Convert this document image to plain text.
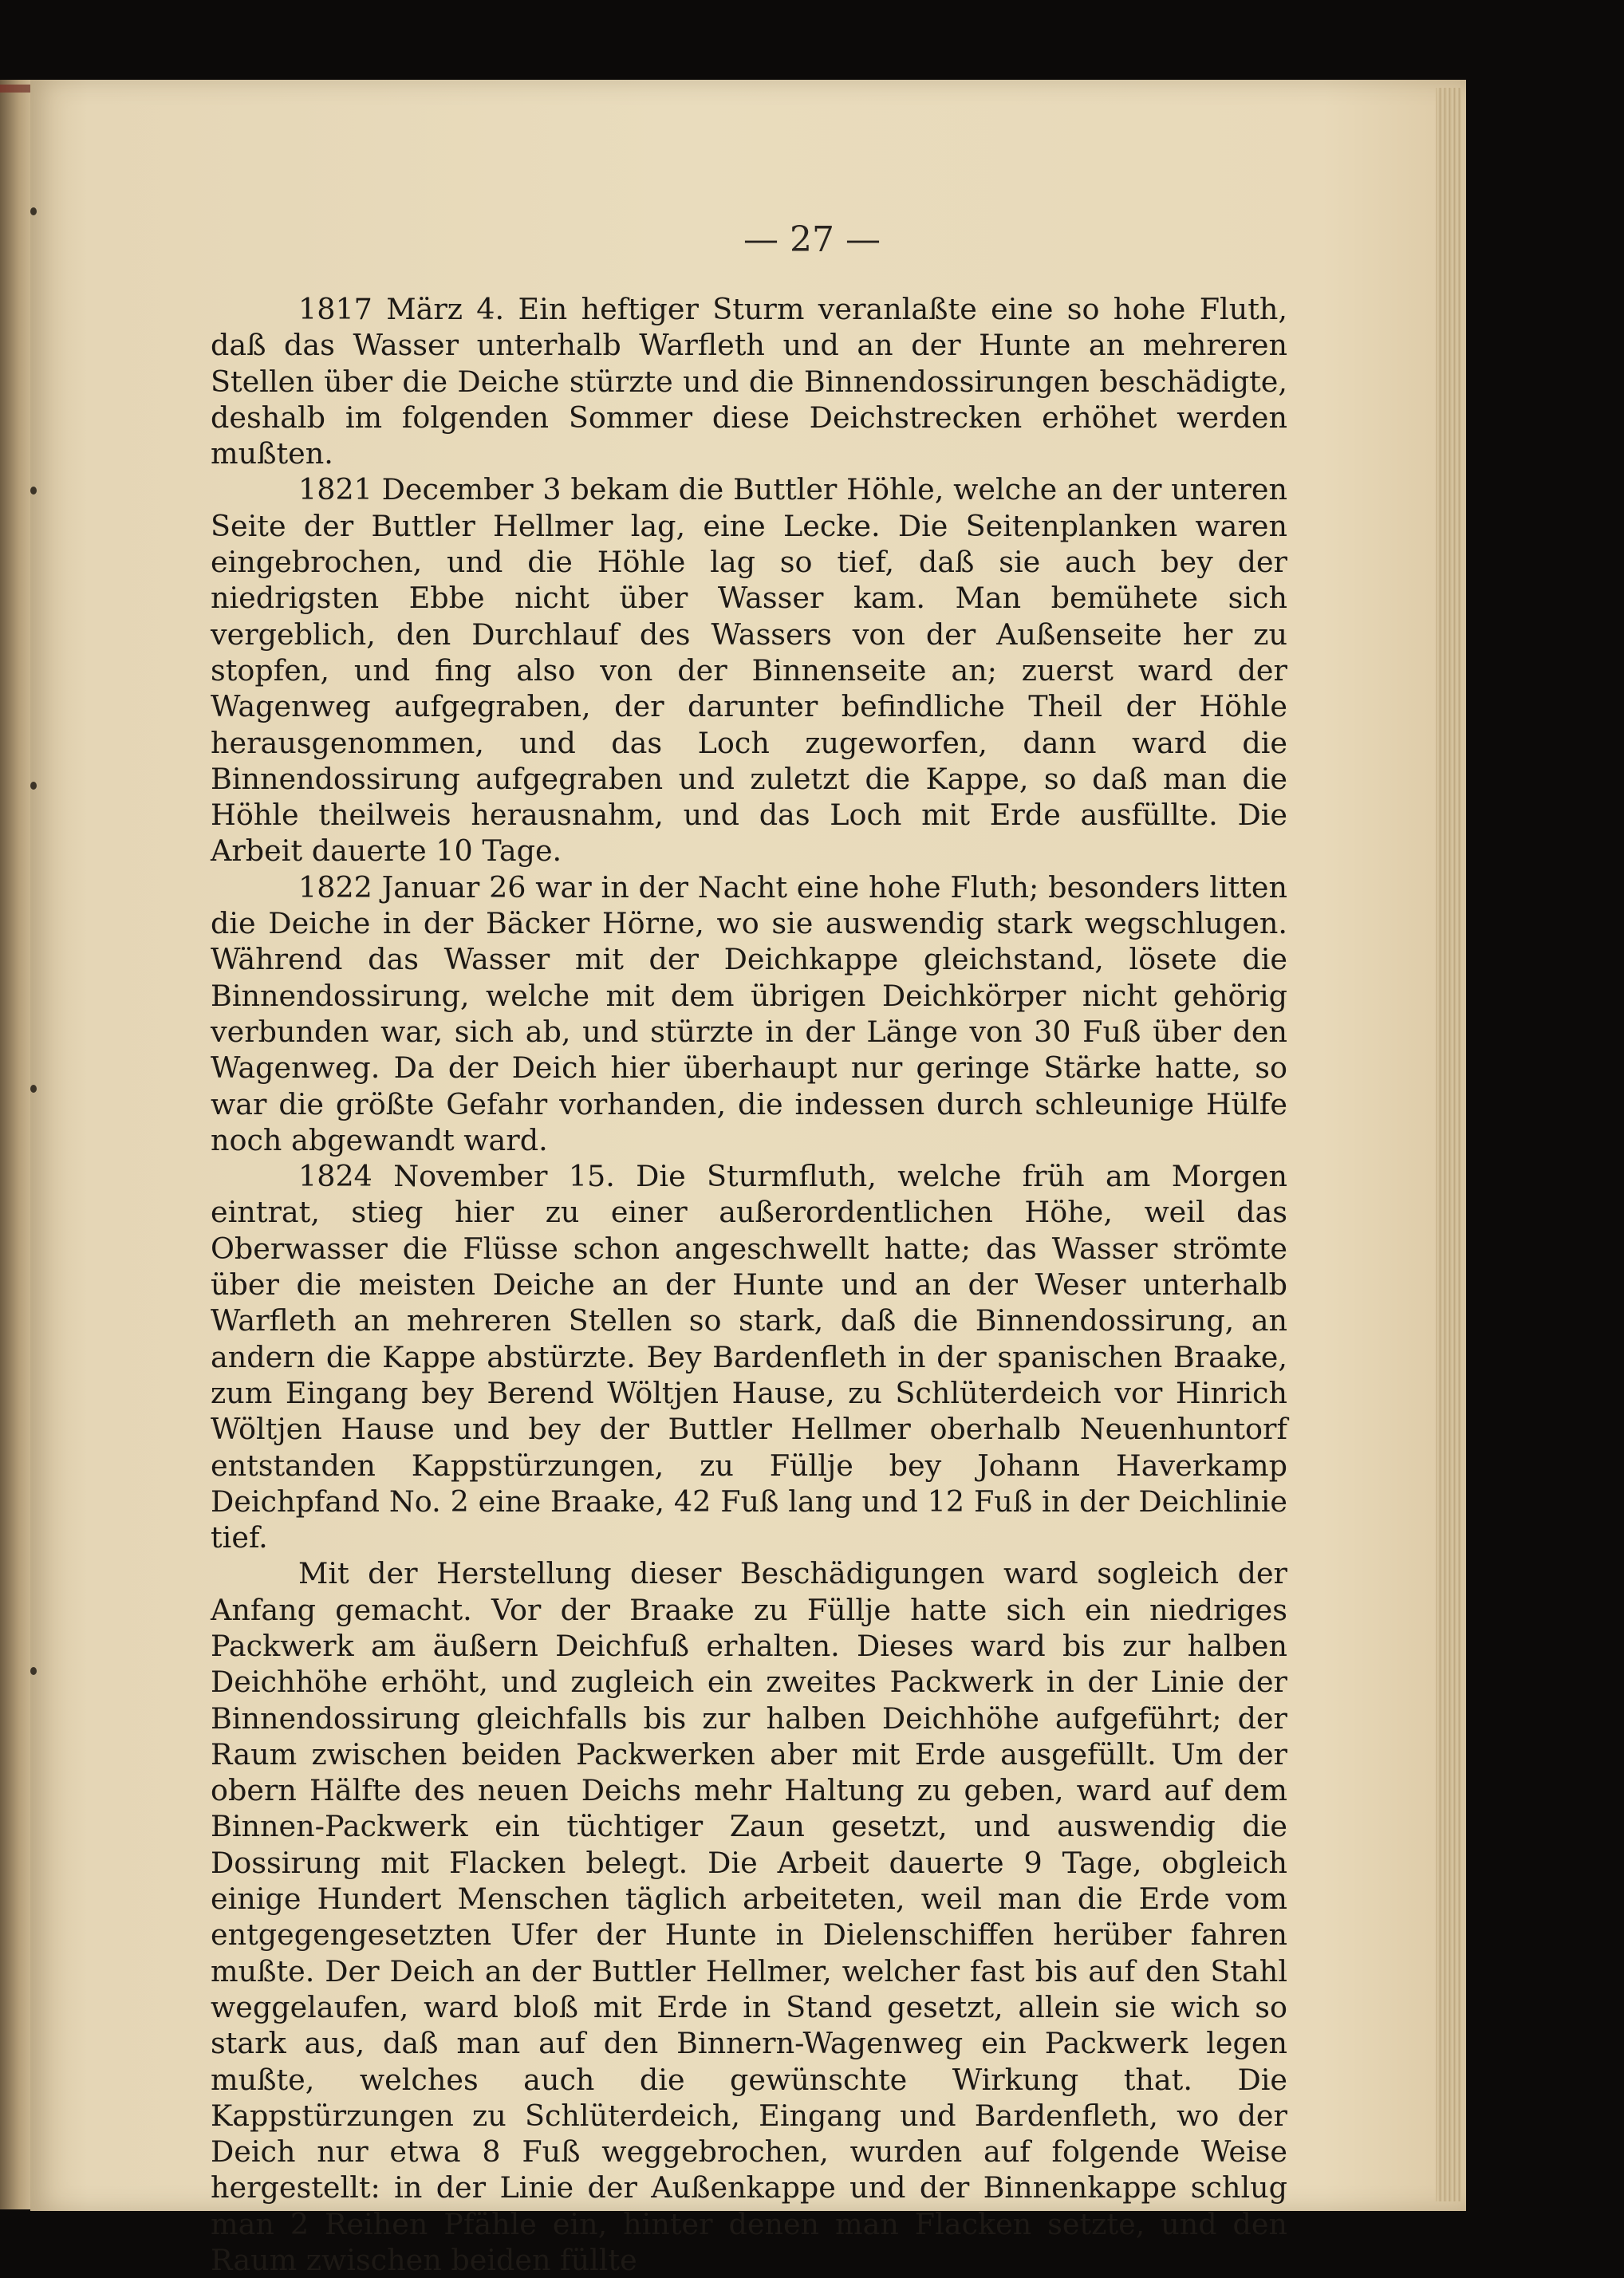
— 27 —

1817 März 4. Ein heftiger Sturm veranlaßte eine so hohe Fluth, daß das Wasser unterhalb Warfleth und an der Hunte an mehreren Stellen über die Deiche stürzte und die Binnendossirungen beschädigte, deshalb im folgenden Sommer diese Deichstrecken erhöhet werden mußten.

1821 December 3 bekam die Buttler Höhle, welche an der unteren Seite der Buttler Hellmer lag, eine Lecke. Die Seitenplanken waren eingebrochen, und die Höhle lag so tief, daß sie auch bey der niedrigsten Ebbe nicht über Wasser kam. Man bemühete sich vergeblich, den Durchlauf des Wassers von der Außenseite her zu stopfen, und fing also von der Binnenseite an; zuerst ward der Wagenweg aufgegraben, der darunter befindliche Theil der Höhle herausgenommen, und das Loch zugeworfen, dann ward die Binnendossirung aufgegraben und zuletzt die Kappe, so daß man die Höhle theilweis herausnahm, und das Loch mit Erde ausfüllte. Die Arbeit dauerte 10 Tage.

1822 Januar 26 war in der Nacht eine hohe Fluth; besonders litten die Deiche in der Bäcker Hörne, wo sie auswendig stark wegschlugen. Während das Wasser mit der Deichkappe gleichstand, lösete die Binnendossirung, welche mit dem übrigen Deichkörper nicht gehörig verbunden war, sich ab, und stürzte in der Länge von 30 Fuß über den Wagenweg. Da der Deich hier überhaupt nur geringe Stärke hatte, so war die größte Gefahr vorhanden, die indessen durch schleunige Hülfe noch abgewandt ward.

1824 November 15. Die Sturmfluth, welche früh am Morgen eintrat, stieg hier zu einer außerordentlichen Höhe, weil das Oberwasser die Flüsse schon angeschwellt hatte; das Wasser strömte über die meisten Deiche an der Hunte und an der Weser unterhalb Warfleth an mehreren Stellen so stark, daß die Binnendossirung, an andern die Kappe abstürzte. Bey Bardenfleth in der spanischen Braake, zum Eingang bey Berend Wöltjen Hause, zu Schlüterdeich vor Hinrich Wöltjen Hause und bey der Buttler Hellmer oberhalb Neuenhuntorf entstanden Kappstürzungen, zu Füllje bey Johann Haverkamp Deichpfand No. 2 eine Braake, 42 Fuß lang und 12 Fuß in der Deichlinie tief.

Mit der Herstellung dieser Beschädigungen ward sogleich der Anfang gemacht. Vor der Braake zu Füllje hatte sich ein niedriges Packwerk am äußern Deichfuß erhalten. Dieses ward bis zur halben Deichhöhe erhöht, und zugleich ein zweites Packwerk in der Linie der Binnendossirung gleichfalls bis zur halben Deichhöhe aufgeführt; der Raum zwischen beiden Packwerken aber mit Erde ausgefüllt. Um der obern Hälfte des neuen Deichs mehr Haltung zu geben, ward auf dem Binnen-Packwerk ein tüchtiger Zaun gesetzt, und auswendig die Dossirung mit Flacken belegt. Die Arbeit dauerte 9 Tage, obgleich einige Hundert Menschen täglich arbeiteten, weil man die Erde vom entgegengesetzten Ufer der Hunte in Dielenschiffen herüber fahren mußte. Der Deich an der Buttler Hellmer, welcher fast bis auf den Stahl weggelaufen, ward bloß mit Erde in Stand gesetzt, allein sie wich so stark aus, daß man auf den Binnern-Wagenweg ein Packwerk legen mußte, welches auch die gewünschte Wirkung that. Die Kappstürzungen zu Schlüterdeich, Eingang und Bardenfleth, wo der Deich nur etwa 8 Fuß weggebrochen, wurden auf folgende Weise hergestellt: in der Linie der Außenkappe und der Binnenkappe schlug man 2 Reihen Pfähle ein, hinter denen man Flacken setzte, und den Raum zwischen beiden füllte
